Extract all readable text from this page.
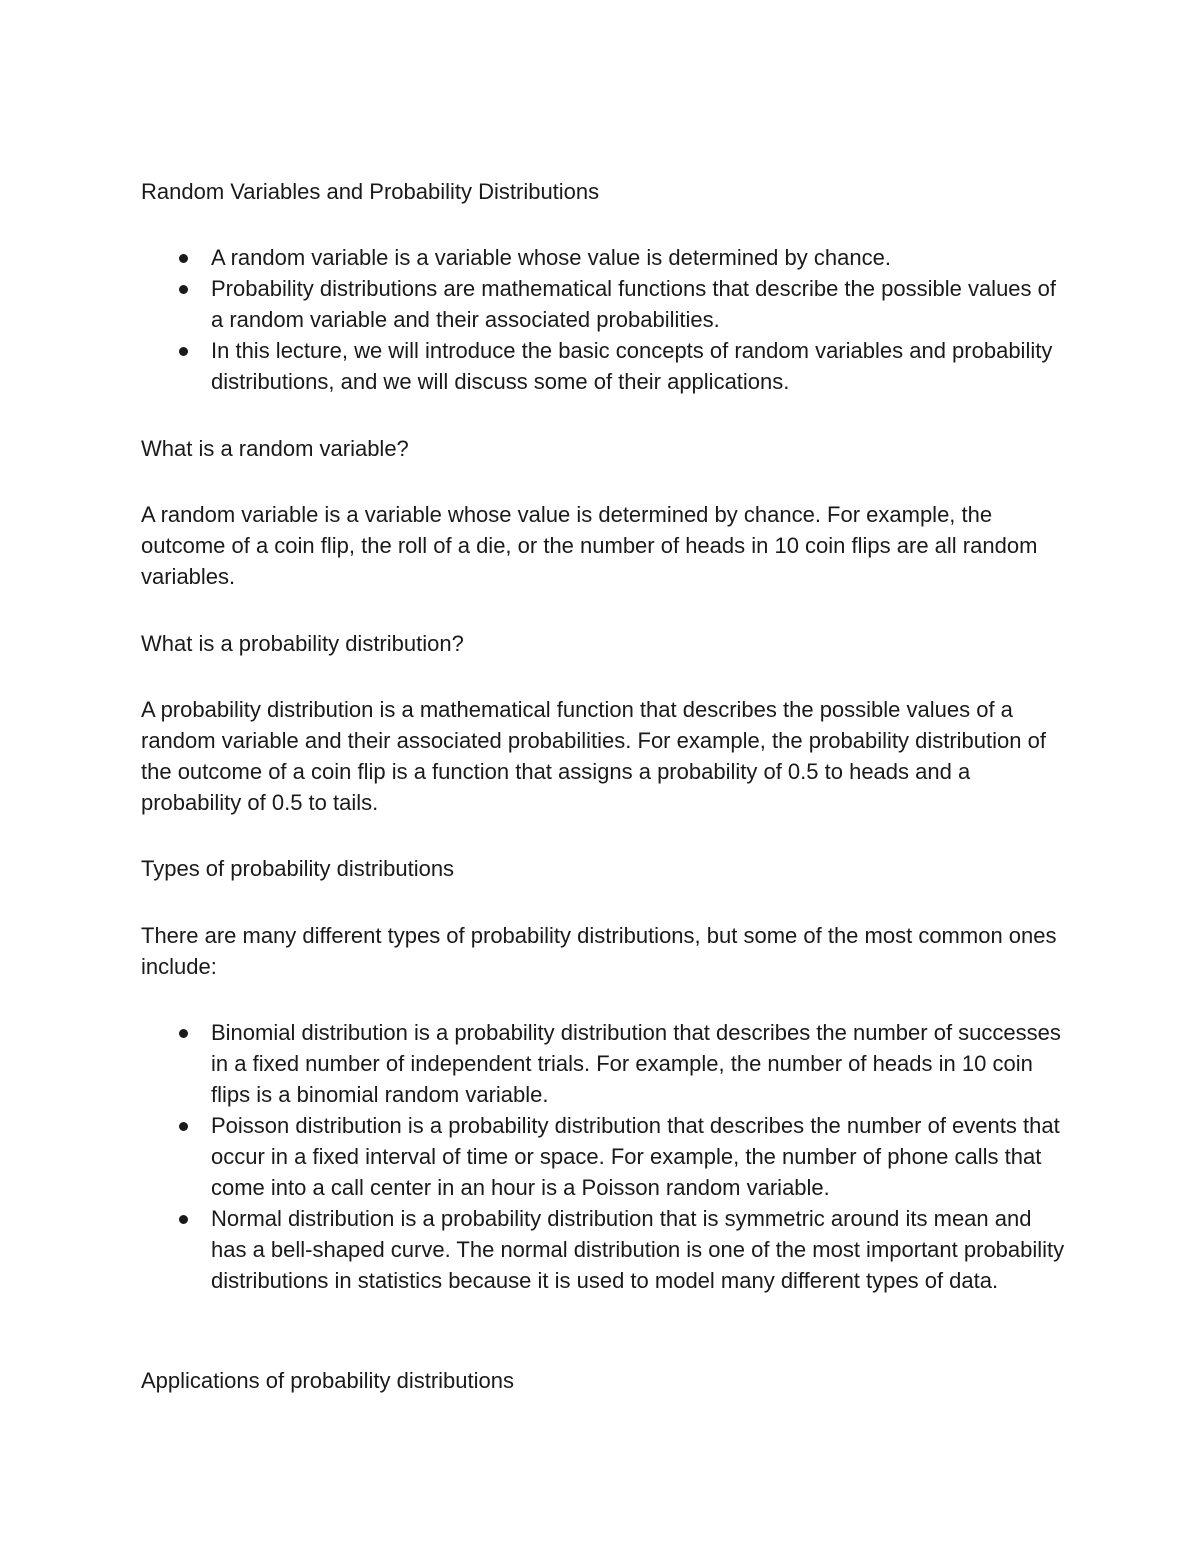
Random Variables and Probability Distributions

A random variable is a variable whose value is determined by chance.
Probability distributions are mathematical functions that describe the possible values of a random variable and their associated probabilities.
In this lecture, we will introduce the basic concepts of random variables and probability distributions, and we will discuss some of their applications.

What is a random variable?

A random variable is a variable whose value is determined by chance. For example, the outcome of a coin flip, the roll of a die, or the number of heads in 10 coin flips are all random variables.

What is a probability distribution?

A probability distribution is a mathematical function that describes the possible values of a random variable and their associated probabilities. For example, the probability distribution of the outcome of a coin flip is a function that assigns a probability of 0.5 to heads and a probability of 0.5 to tails.

Types of probability distributions

There are many different types of probability distributions, but some of the most common ones include:

Binomial distribution is a probability distribution that describes the number of successes in a fixed number of independent trials. For example, the number of heads in 10 coin flips is a binomial random variable.
Poisson distribution is a probability distribution that describes the number of events that occur in a fixed interval of time or space. For example, the number of phone calls that come into a call center in an hour is a Poisson random variable.
Normal distribution is a probability distribution that is symmetric around its mean and has a bell-shaped curve. The normal distribution is one of the most important probability distributions in statistics because it is used to model many different types of data.

Applications of probability distributions
